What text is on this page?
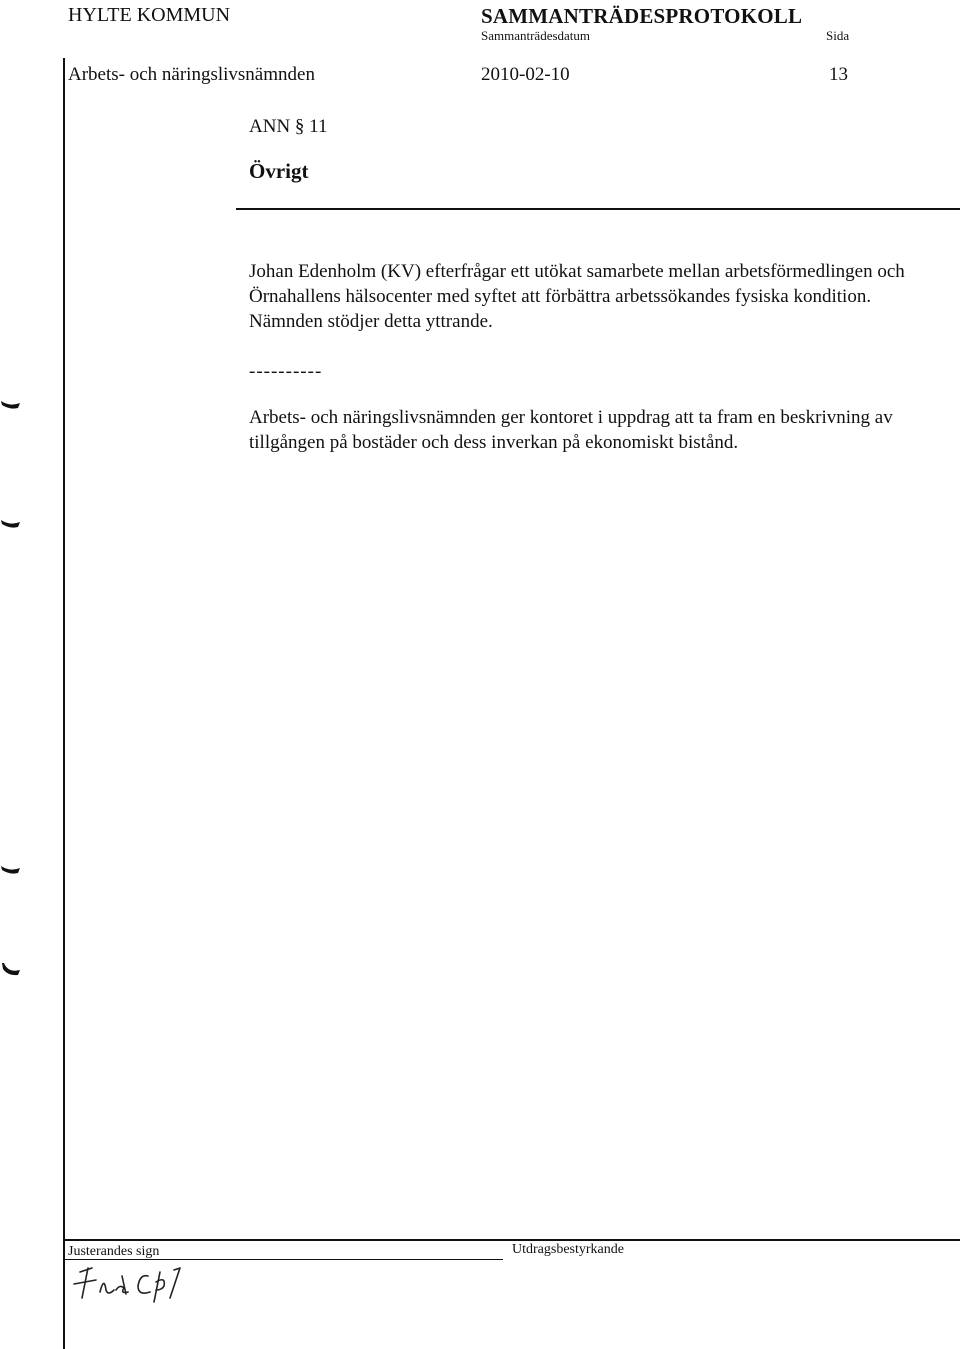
HYLTE KOMMUN	SAMMANTRÄDESPROTOKOLL
Sammanträdesdatum	Sida
Arbets- och näringslivsnämnden	2010-02-10	13
ANN § 11
Övrigt
Johan Edenholm (KV) efterfrågar ett utökat samarbete mellan arbetsförmedlingen och Örnahallens hälsocenter med syftet att förbättra arbetssökandes fysiska kondition. Nämnden stödjer detta yttrande.
----------
Arbets- och näringslivsnämnden ger kontoret i uppdrag att ta fram en beskrivning av tillgången på bostäder och dess inverkan på ekonomiskt bistånd.
Justerandes sign	Utdragsbestyrkande
